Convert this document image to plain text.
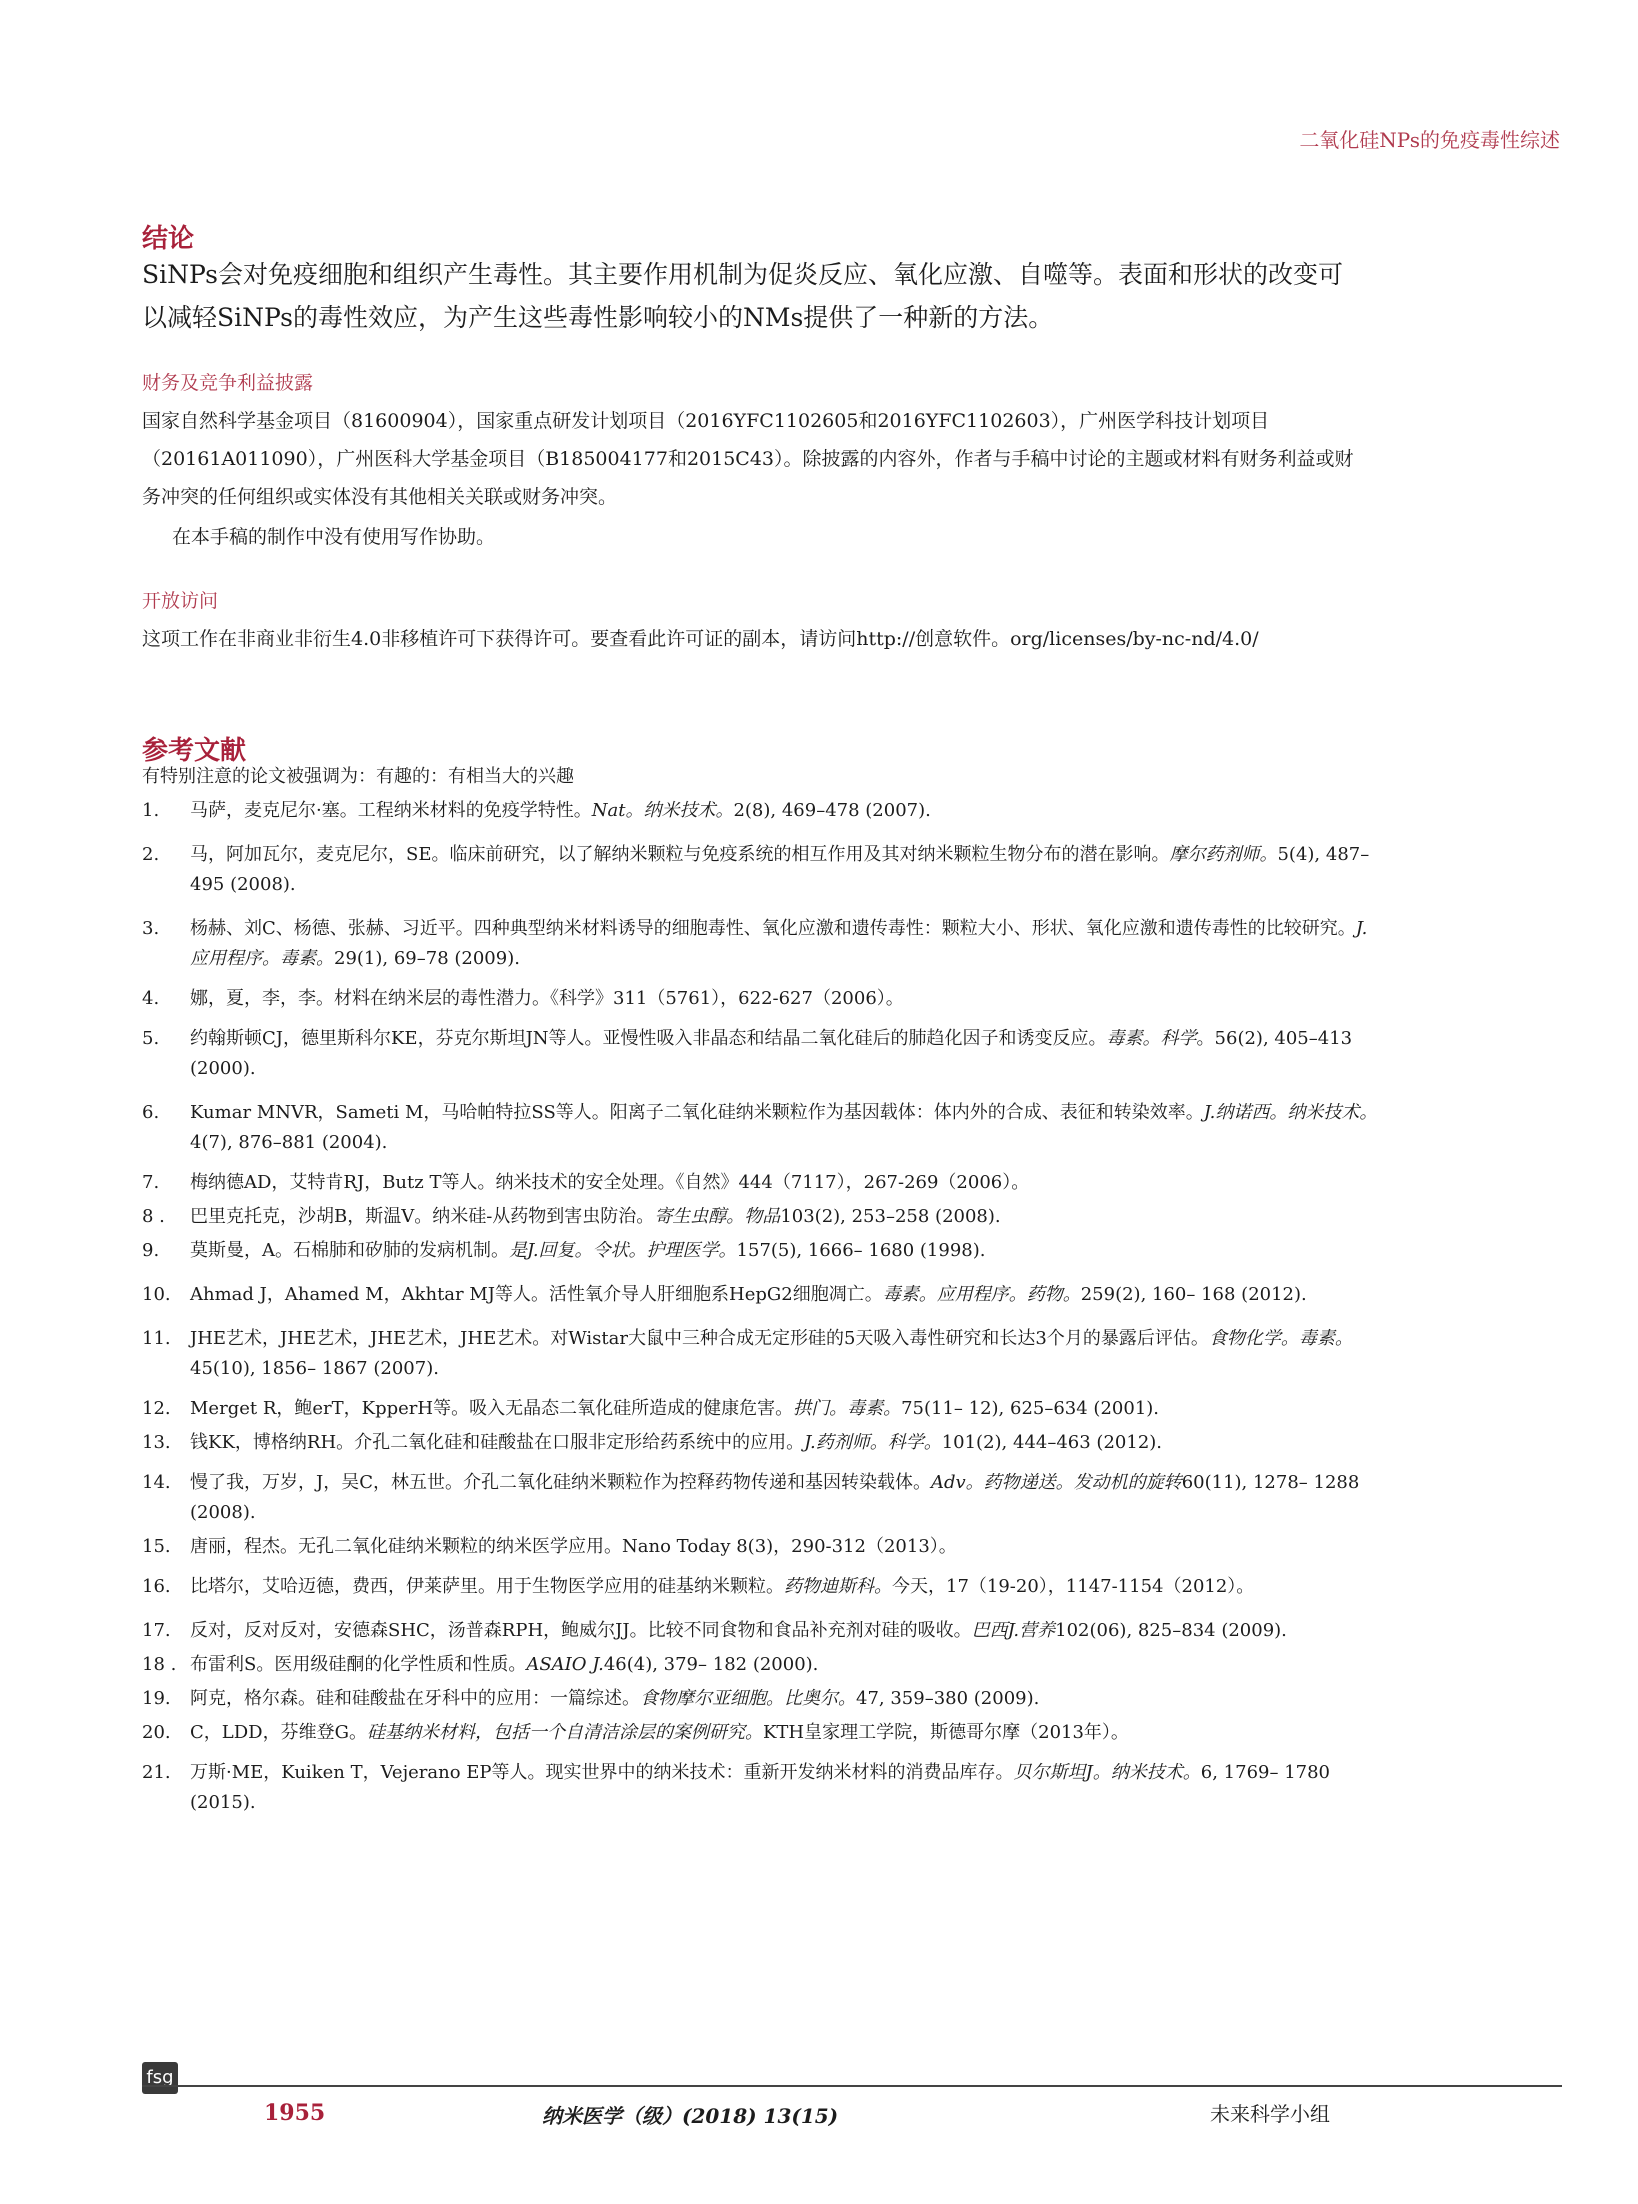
二氧化硅NPs的免疫毒性综述
结论
SiNPs会对免疫细胞和组织产生毒性。其主要作用机制为促炎反应、氧化应激、自噬等。表面和形状的改变可以减轻SiNPs的毒性效应，为产生这些毒性影响较小的NMs提供了一种新的方法。
财务及竞争利益披露
国家自然科学基金项目（81600904），国家重点研发计划项目（2016YFC1102605和2016YFC1102603），广州医学科技计划项目（20161A011090），广州医科大学基金项目（B185004177和2015C43）。除披露的内容外，作者与手稿中讨论的主题或材料有财务利益或财务冲突的任何组织或实体没有其他相关关联或财务冲突。
在本手稿的制作中没有使用写作协助。
开放访问
这项工作在非商业非衍生4.0非移植许可下获得许可。要查看此许可证的副本，请访问http://创意软件。org/licenses/by-nc-nd/4.0/
参考文献
有特别注意的论文被强调为：有趣的：有相当大的兴趣
1. 马萨，麦克尼尔·塞。工程纳米材料的免疫学特性。Nat。纳米技术。2(8), 469–478 (2007).
2. 马，阿加瓦尔，麦克尼尔，SE。临床前研究，以了解纳米颗粒与免疫系统的相互作用及其对纳米颗粒生物分布的潜在影响。摩尔药剂师。5(4), 487–495 (2008).
3. 杨赫、刘C、杨德、张赫、习近平。四种典型纳米材料诱导的细胞毒性、氧化应激和遗传毒性：颗粒大小、形状、氧化应激和遗传毒性的比较研究。J.应用程序。毒素。29(1), 69–78 (2009).
4. 娜，夏，李，李。材料在纳米层的毒性潜力。《科学》311（5761），622-627（2006）。
5. 约翰斯顿CJ，德里斯科尔KE，芬克尔斯坦JN等人。亚慢性吸入非晶态和结晶二氧化硅后的肺趋化因子和诱变反应。毒素。科学。56(2), 405–413 (2000).
6. Kumar MNVR，Sameti M，马哈帕特拉SS等人。阳离子二氧化硅纳米颗粒作为基因载体：体内外的合成、表征和转染效率。J.纳诺西。纳米技术。4(7), 876–881 (2004).
7. 梅纳德AD，艾特肯RJ，Butz T等人。纳米技术的安全处理。《自然》444（7117），267-269（2006）。
8 . 巴里克托克，沙胡B，斯温V。纳米硅-从药物到害虫防治。寄生虫醇。物品103(2), 253–258 (2008).
9. 莫斯曼，A。石棉肺和矽肺的发病机制。是J.回复。令状。护理医学。157(5), 1666– 1680 (1998).
10. Ahmad J，Ahamed M，Akhtar MJ等人。活性氧介导人肝细胞系HepG2细胞凋亡。毒素。应用程序。药物。259(2), 160– 168 (2012).
11. JHE艺术，JHE艺术，JHE艺术，JHE艺术。对Wistar大鼠中三种合成无定形硅的5天吸入毒性研究和长达3个月的暴露后评估。食物化学。毒素。45(10), 1856– 1867 (2007).
12. Merget R，鲍erT，KpperH等。吸入无晶态二氧化硅所造成的健康危害。拱门。毒素。75(11– 12), 625–634 (2001).
13. 钱KK，博格纳RH。介孔二氧化硅和硅酸盐在口服非定形给药系统中的应用。J.药剂师。科学。101(2), 444–463 (2012).
14. 慢了我，万岁，J，吴C，林五世。介孔二氧化硅纳米颗粒作为控释药物传递和基因转染载体。Adv。药物递送。发动机的旋转60(11), 1278– 1288 (2008).
15. 唐丽，程杰。无孔二氧化硅纳米颗粒的纳米医学应用。Nano Today 8(3)，290-312（2013）。
16. 比塔尔，艾哈迈德，费西，伊莱萨里。用于生物医学应用的硅基纳米颗粒。药物迪斯科。今天，17（19-20），1147-1154（2012）。
17. 反对，反对反对，安德森SHC，汤普森RPH，鲍威尔JJ。比较不同食物和食品补充剂对硅的吸收。巴西J.营养102(06), 825–834 (2009).
18 . 布雷利S。医用级硅酮的化学性质和性质。ASAIO J.46(4), 379– 182 (2000).
19. 阿克，格尔森。硅和硅酸盐在牙科中的应用：一篇综述。食物摩尔亚细胞。比奥尔。47, 359–380 (2009).
20. C，LDD，芬维登G。硅基纳米材料，包括一个自清洁涂层的案例研究。KTH皇家理工学院，斯德哥尔摩（2013年）。
21. 万斯·ME，Kuiken T，Vejerano EP等人。现实世界中的纳米技术：重新开发纳米材料的消费品库存。贝尔斯坦J。纳米技术。6, 1769– 1780 (2015).
fsg
1955	纳米医学（级）(2018) 13(15)	未来科学小组
